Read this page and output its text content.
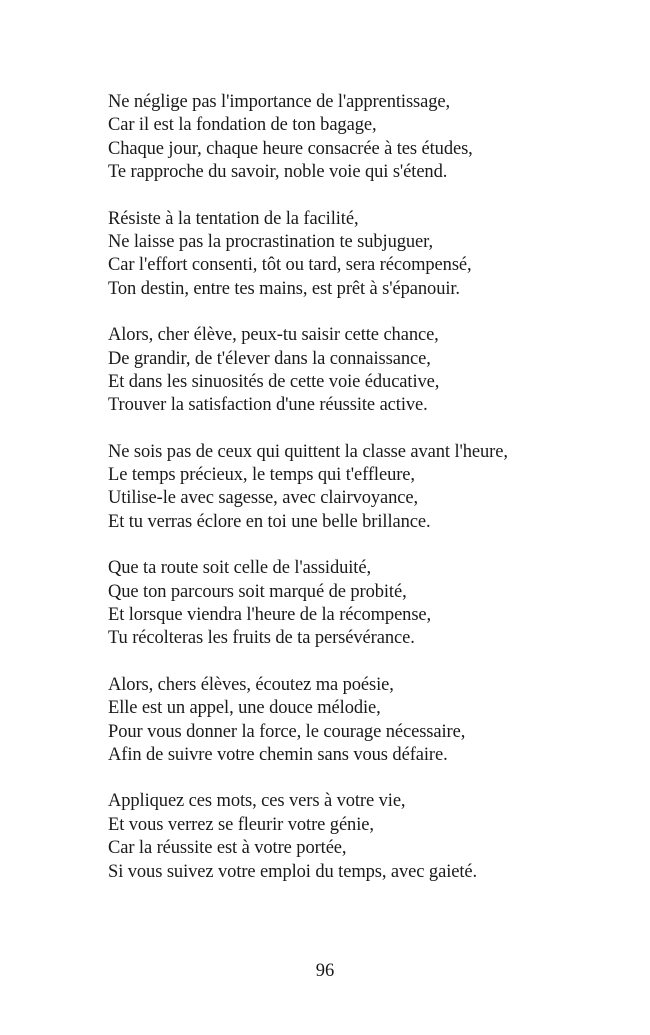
Ne néglige pas l'importance de l'apprentissage,
Car il est la fondation de ton bagage,
Chaque jour, chaque heure consacrée à tes études,
Te rapproche du savoir, noble voie qui s'étend.
Résiste à la tentation de la facilité,
Ne laisse pas la procrastination te subjuguer,
Car l'effort consenti, tôt ou tard, sera récompensé,
Ton destin, entre tes mains, est prêt à s'épanouir.
Alors, cher élève, peux-tu saisir cette chance,
De grandir, de t'élever dans la connaissance,
Et dans les sinuosités de cette voie éducative,
Trouver la satisfaction d'une réussite active.
Ne sois pas de ceux qui quittent la classe avant l'heure,
Le temps précieux, le temps qui t'effleure,
Utilise-le avec sagesse, avec clairvoyance,
Et tu verras éclore en toi une belle brillance.
Que ta route soit celle de l'assiduité,
Que ton parcours soit marqué de probité,
Et lorsque viendra l'heure de la récompense,
Tu récolteras les fruits de ta persévérance.
Alors, chers élèves, écoutez ma poésie,
Elle est un appel, une douce mélodie,
Pour vous donner la force, le courage nécessaire,
Afin de suivre votre chemin sans vous défaire.
Appliquez ces mots, ces vers à votre vie,
Et vous verrez se fleurir votre génie,
Car la réussite est à votre portée,
Si vous suivez votre emploi du temps, avec gaieté.
96
